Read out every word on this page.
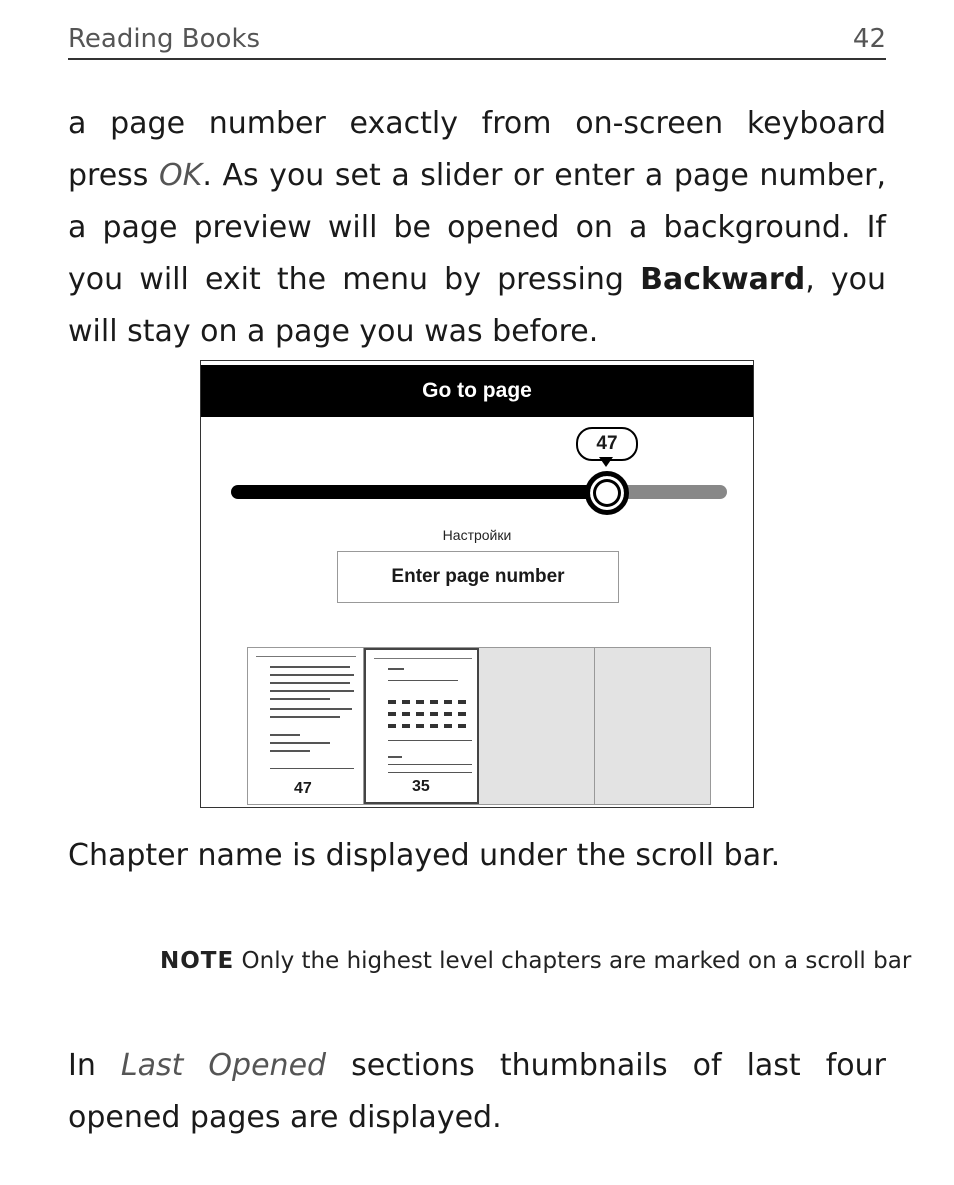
Reading Books	42
a page number exactly from on-screen keyboard press OK. As you set a slider or enter a page number, a page preview will be opened on a background. If you will exit the menu by pressing Backward, you will stay on a page you was before.
Go to page
47
Настройки
Enter page number
47	35
Chapter name is displayed under the scroll bar.
NOTE Only the highest level chapters are marked on a scroll bar
In Last Opened sections thumbnails of last four opened pages are displayed.
